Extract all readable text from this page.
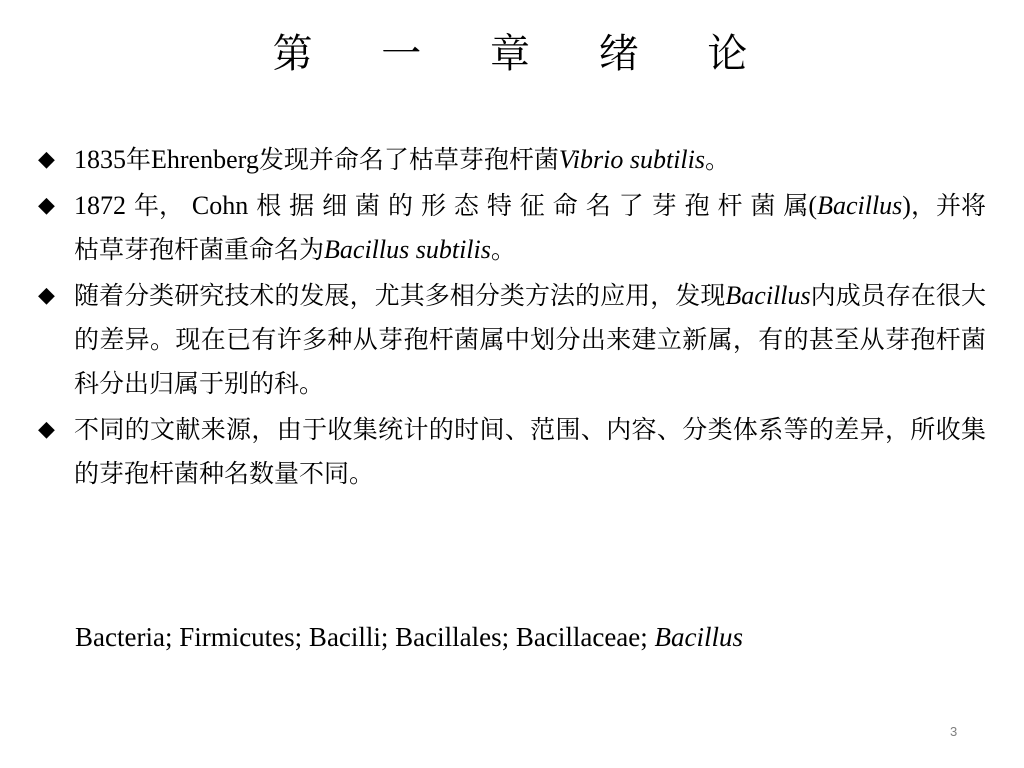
第 一 章 绪 论
◆ 1835年Ehrenberg发现并命名了枯草芽孢杆菌Vibrio subtilis。
◆ 1872 年， Cohn 根 据 细 菌 的 形 态 特 征 命 名 了 芽 孢 杆 菌 属(Bacillus)，并将枯草芽孢杆菌重命名为Bacillus subtilis。
◆ 随着分类研究技术的发展，尤其多相分类方法的应用，发现Bacillus内成员存在很大的差异。现在已有许多种从芽孢杆菌属中划分出来建立新属，有的甚至从芽孢杆菌科分出归属于别的科。
◆ 不同的文献来源，由于收集统计的时间、范围、内容、分类体系等的差异，所收集的芽孢杆菌种名数量不同。
Bacteria; Firmicutes; Bacilli; Bacillales; Bacillaceae; Bacillus
3
